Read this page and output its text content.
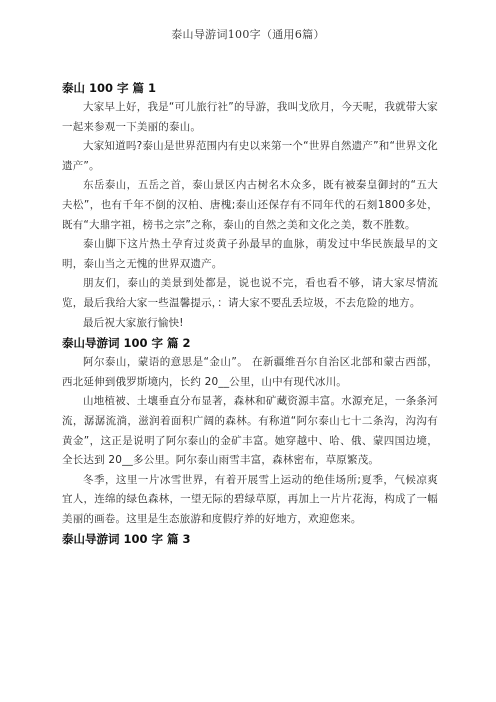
泰山导游词100字（通用6篇）
泰山 100 字 篇 1

大家早上好，我是“可儿旅行社”的导游，我叫戈欣月，今天呢，我就带大家一起来参观一下美丽的泰山。

大家知道吗?泰山是世界范围内有史以来第一个“世界自然遗产”和“世界文化遗产”。

东岳泰山，五岳之首，泰山景区内古树名木众多，既有被秦皇御封的“五大夫松”，也有千年不倒的汉柏、唐槐;泰山还保存有不同年代的石刻1800多处，既有“大鼎字祖，榜书之宗”之称，泰山的自然之美和文化之美，数不胜数。

泰山脚下这片热土孕育过炎黄子孙最早的血脉，萌发过中华民族最早的文明，泰山当之无愧的世界双遗产。

朋友们，泰山的美景到处都是，说也说不完，看也看不够，请大家尽情流览，最后我给大家一些温馨提示，：请大家不要乱丢垃圾，不去危险的地方。

最后祝大家旅行愉快!

泰山导游词 100 字 篇 2

阿尔泰山，蒙语的意思是“金山”。 在新疆维吾尔自治区北部和蒙古西部，西北延伸到俄罗斯境内，长约 20__公里，山中有现代冰川。

山地植被、土壤垂直分布显著，森林和矿藏资源丰富。水源充足，一条条河流，潺潺流淌，滋润着面积广阔的森林。有称道“阿尔泰山七十二条沟，沟沟有黄金”，这正是说明了阿尔泰山的金矿丰富。她穿越中、哈、俄、蒙四国边境，全长达到 20__多公里。阿尔泰山雨雪丰富，森林密布，草原繁茂。

冬季，这里一片冰雪世界，有着开展雪上运动的绝佳场所;夏季，气候凉爽宜人，连绵的绿色森林，一望无际的碧绿草原，再加上一片片花海，构成了一幅美丽的画卷。这里是生态旅游和度假疗养的好地方，欢迎您来。

泰山导游词 100 字 篇 3
